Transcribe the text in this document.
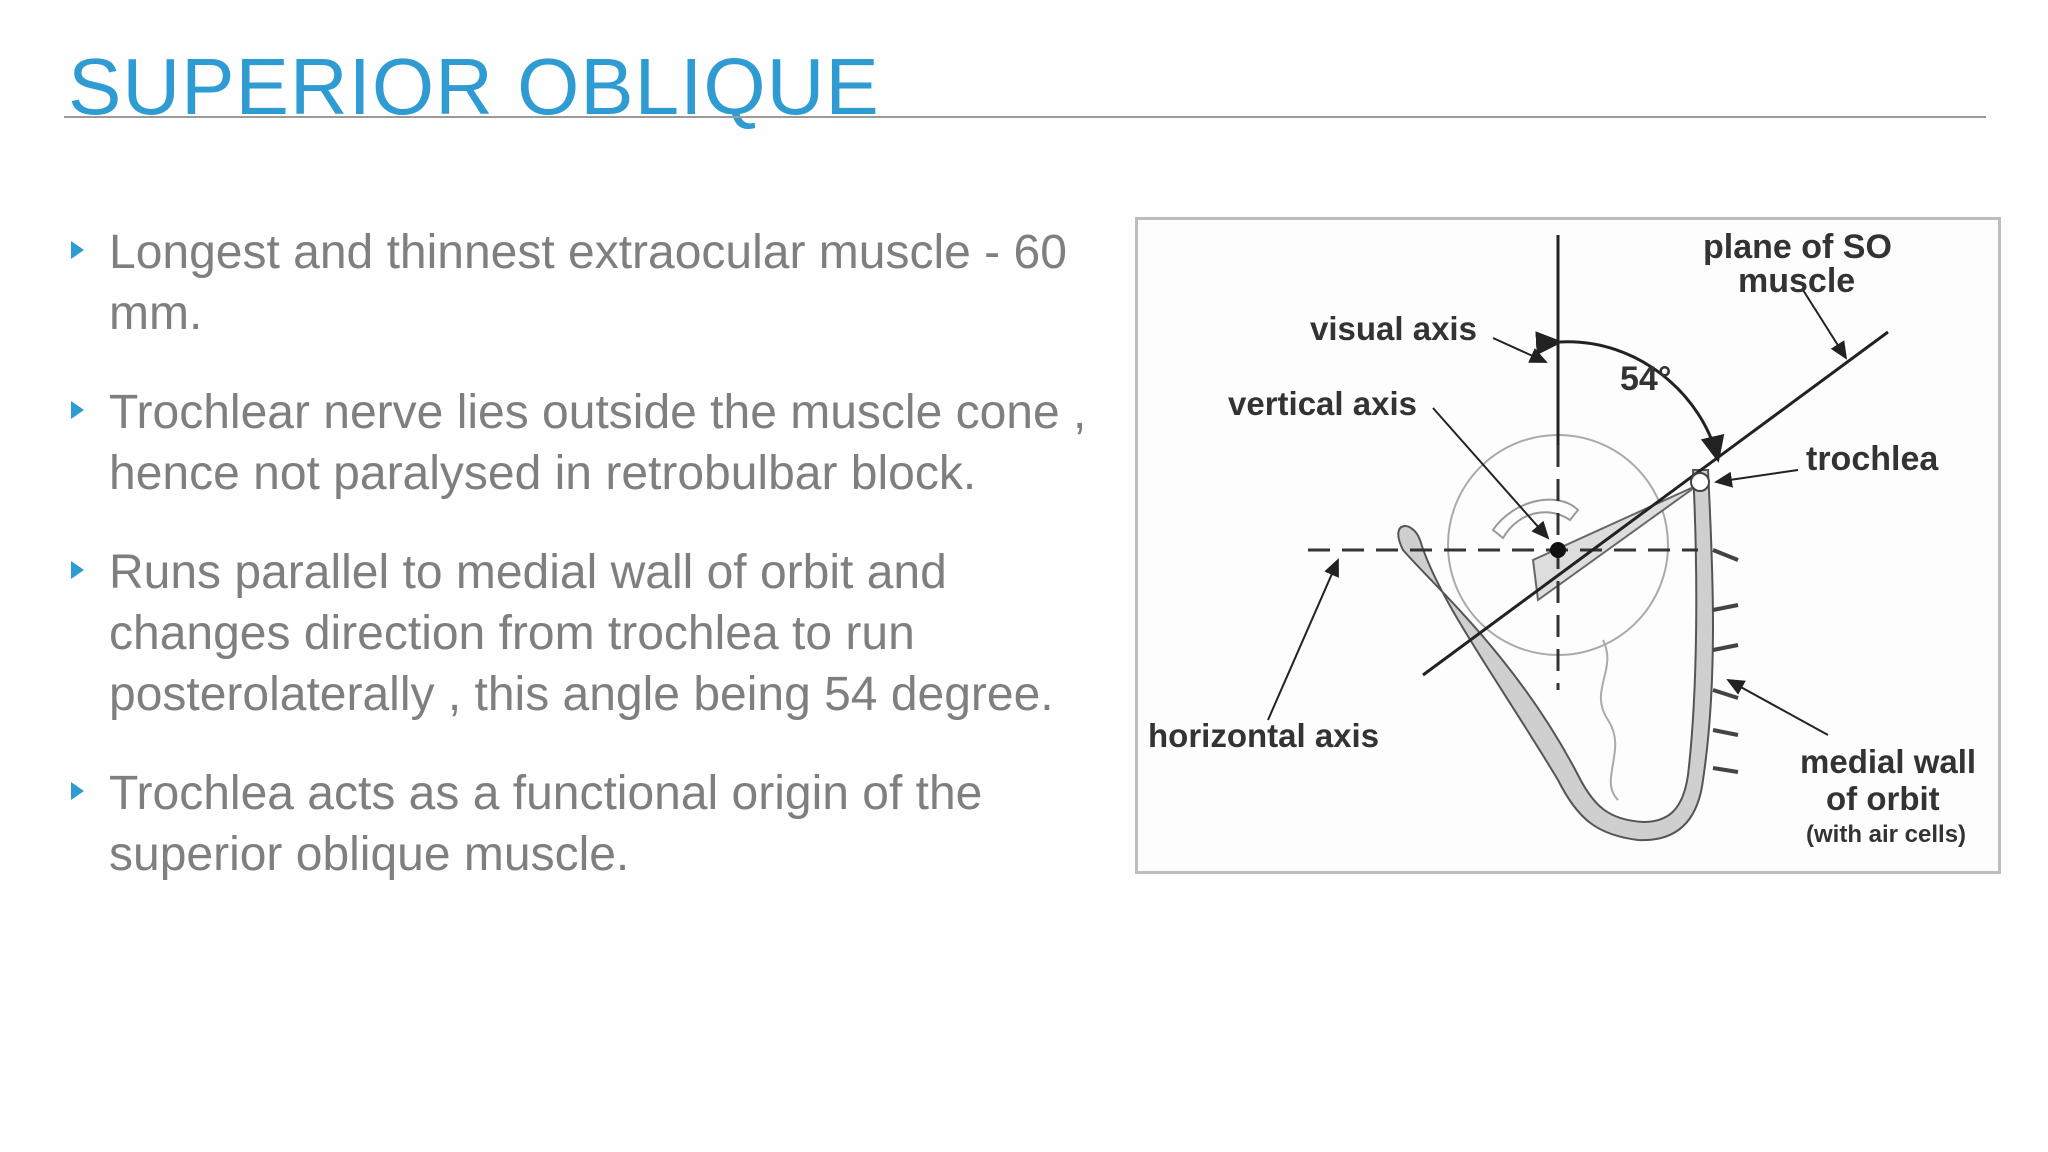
SUPERIOR OBLIQUE
Longest and thinnest extraocular muscle - 60 mm.
Trochlear nerve lies outside the muscle cone , hence not paralysed in retrobulbar block.
Runs parallel to medial wall of orbit and changes direction from trochlea to run posterolaterally , this angle being 54 degree.
Trochlea acts as a functional origin of the superior oblique muscle.
plane of SO
muscle
visual axis
54°
vertical axis
trochlea
horizontal axis
medial wall
of orbit
(with air cells)
